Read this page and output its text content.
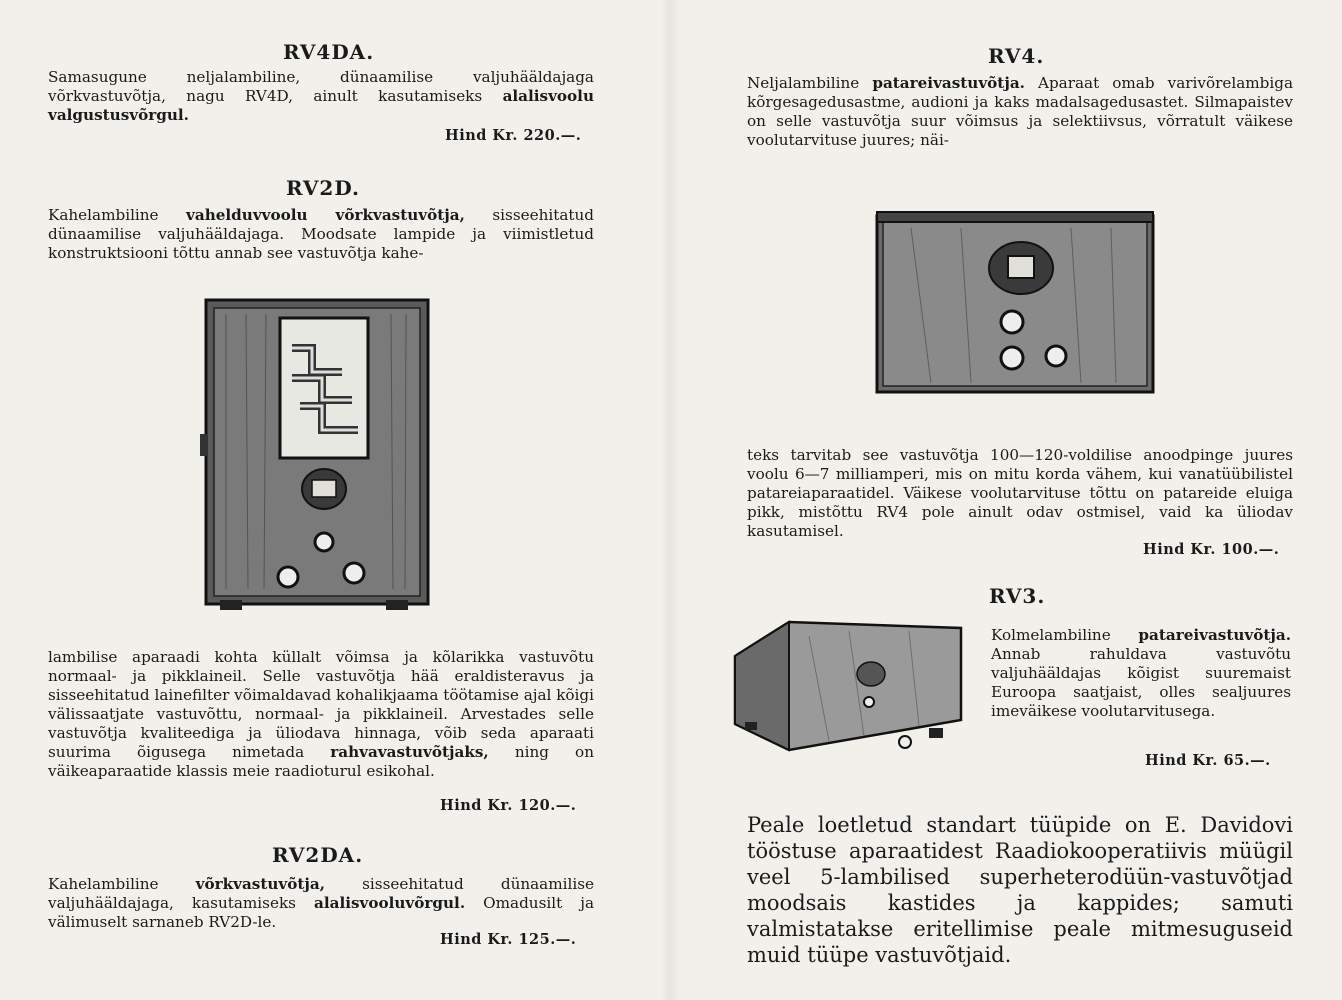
RV4DA.
Samasugune neljalambiline, dünaamilise valjuhääldajaga võrkvastuvõtja, nagu RV4D, ainult kasutamiseks alalisvoolu valgustusvõrgul.
Hind Kr. 220.—.
RV2D.
Kahelambiline vahelduvvoolu võrkvastuvõtja, sisseehitatud dünaamilise valjuhääldajaga. Moodsate lampide ja viimistletud konstruktsiooni tõttu annab see vastuvõtja kahe-
lambilise aparaadi kohta küllalt võimsa ja kõlarikka vastuvõtu normaal- ja pikklaineil. Selle vastuvõtja hää eraldisteravus ja sisseehitatud lainefilter võimaldavad kohalikjaama töötamise ajal kõigi välissaatjate vastuvõttu, normaal- ja pikklaineil. Arvestades selle vastuvõtja kvaliteediga ja üliodava hinnaga, võib seda aparaati suurima õigusega nimetada rahvavastuvõtjaks, ning on väikeaparaatide klassis meie raadioturul esikohal.
Hind Kr. 120.—.
RV2DA.
Kahelambiline võrkvastuvõtja, sisseehitatud dünaamilise valjuhääldajaga, kasutamiseks alalisvooluvõrgul. Omadusilt ja välimuselt sarnaneb RV2D-le.
Hind Kr. 125.—.
RV4.
Neljalambiline patareivastuvõtja. Aparaat omab varivõrelambiga kõrgesagedusastme, audioni ja kaks madalsagedusastet. Silmapaistev on selle vastuvõtja suur võimsus ja selektiivsus, võrratult väikese voolutarvituse juures; näi-
teks tarvitab see vastuvõtja 100—120-voldilise anoodpinge juures voolu 6—7 milliamperi, mis on mitu korda vähem, kui vanatüübilistel patareiaparaatidel. Väikese voolutarvituse tõttu on patareide eluiga pikk, mistõttu RV4 pole ainult odav ostmisel, vaid ka üliodav kasutamisel.
Hind Kr. 100.—.
RV3.
Kolmelambiline patareivastuvõtja. Annab rahuldava vastuvõtu valjuhääldajas kõigist suuremaist Euroopa saatjaist, olles sealjuures imeväikese voolutarvitusega.
Hind Kr. 65.—.
Peale loetletud standart tüüpide on E. Davidovi tööstuse aparaatidest Raadiokooperatiivis müügil veel 5-lambilised superheterodüün-vastuvõtjad moodsais kastides ja kappides; samuti valmistatakse eritellimise peale mitmesuguseid muid tüüpe vastuvõtjaid.
